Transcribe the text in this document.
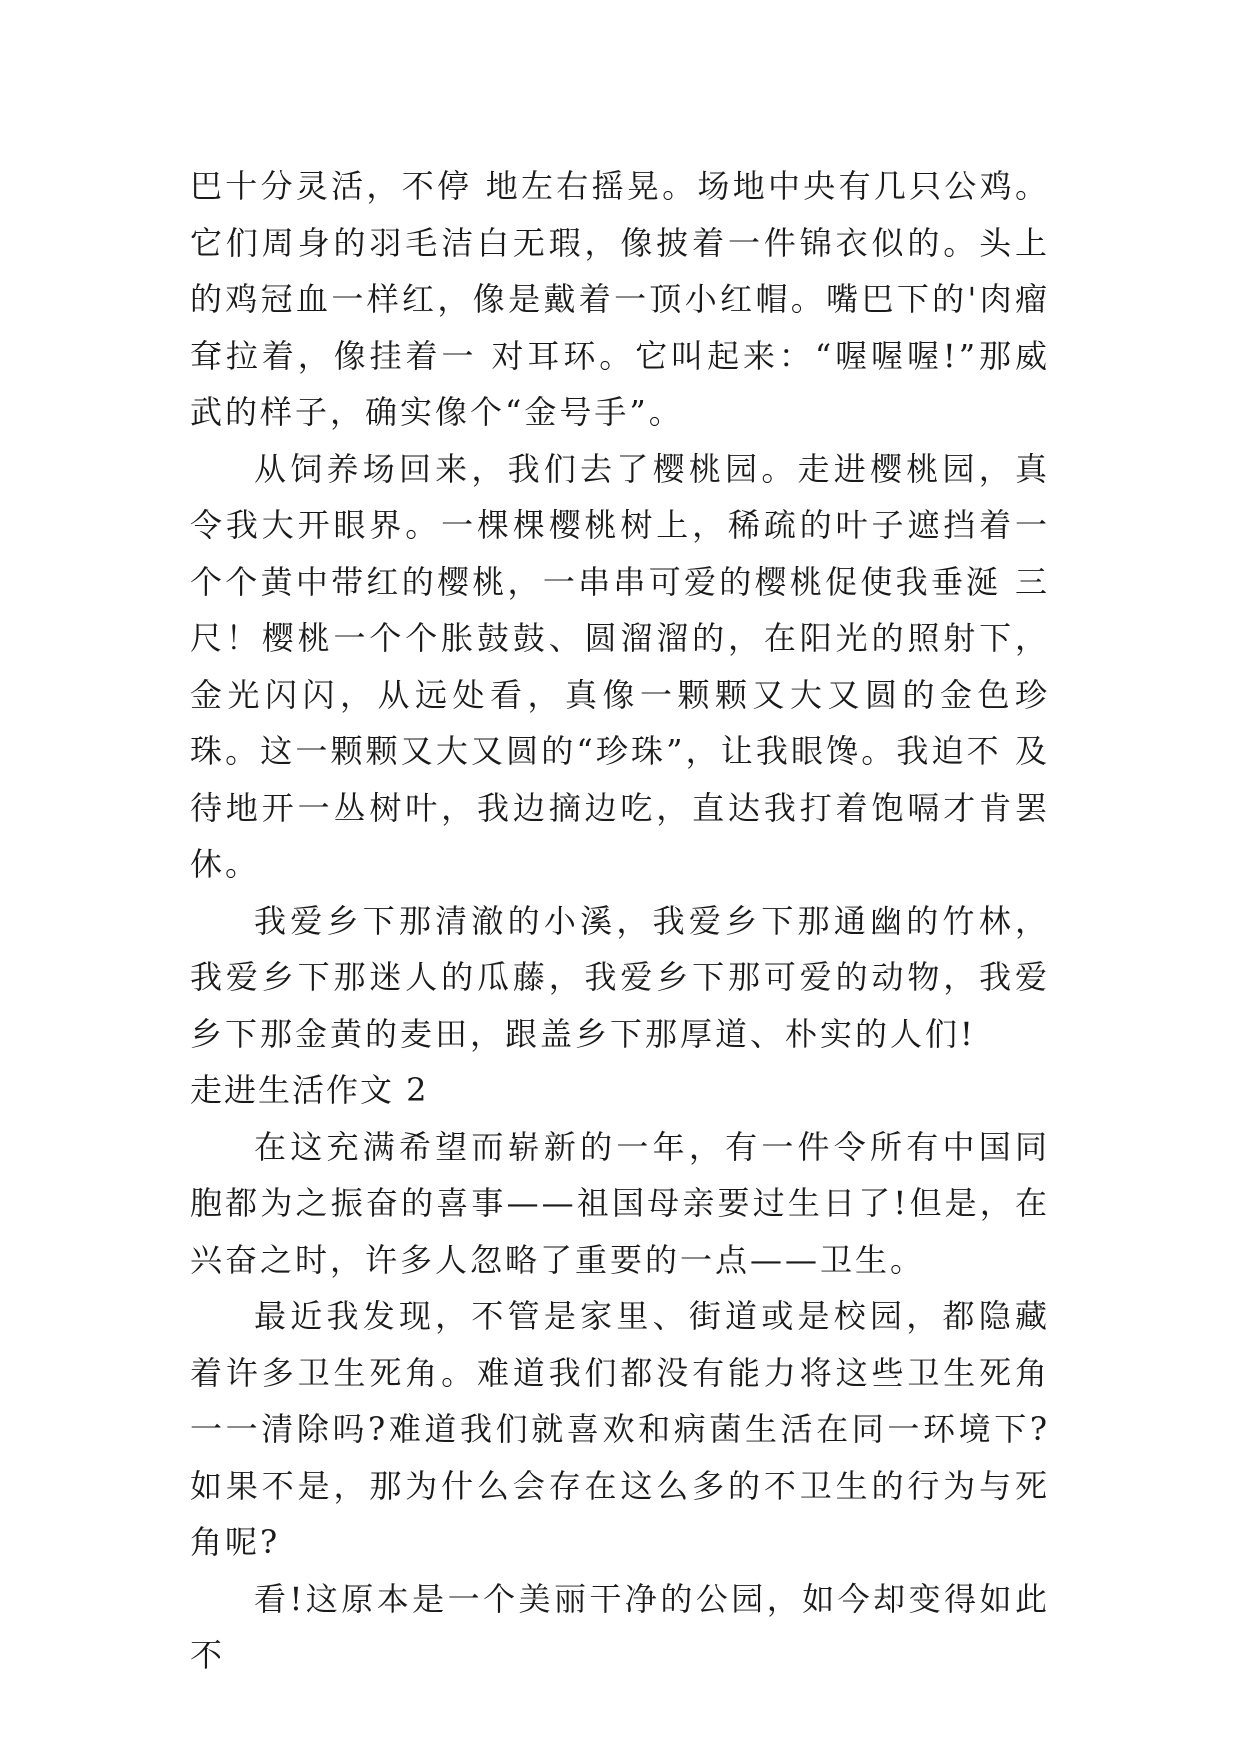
巴十分灵活，不停 地左右摇晃。场地中央有几只公鸡。它们周身的羽毛洁白无瑕，像披着一件锦衣似的。头上的鸡冠血一样红，像是戴着一顶小红帽。嘴巴下的'肉瘤耷拉着，像挂着一 对耳环。它叫起来：“喔喔喔!”那威武的样子，确实像个“金号手”。

从饲养场回来，我们去了樱桃园。走进樱桃园，真令我大开眼界。一棵棵樱桃树上，稀疏的叶子遮挡着一个个黄中带红的樱桃，一串串可爱的樱桃促使我垂涎 三尺！樱桃一个个胀鼓鼓、圆溜溜的，在阳光的照射下，金光闪闪，从远处看，真像一颗颗又大又圆的金色珍珠。这一颗颗又大又圆的“珍珠”，让我眼馋。我迫不 及待地开一丛树叶，我边摘边吃，直达我打着饱嗝才肯罢休。

我爱乡下那清澈的小溪，我爱乡下那通幽的竹林，我爱乡下那迷人的瓜藤，我爱乡下那可爱的动物，我爱乡下那金黄的麦田，跟盖乡下那厚道、朴实的人们!

走进生活作文 2

在这充满希望而崭新的一年，有一件令所有中国同胞都为之振奋的喜事——祖国母亲要过生日了!但是，在兴奋之时，许多人忽略了重要的一点——卫生。

最近我发现，不管是家里、街道或是校园，都隐藏着许多卫生死角。难道我们都没有能力将这些卫生死角一一清除吗?难道我们就喜欢和病菌生活在同一环境下?如果不是，那为什么会存在这么多的不卫生的行为与死角呢?

看!这原本是一个美丽干净的公园，如今却变得如此不
